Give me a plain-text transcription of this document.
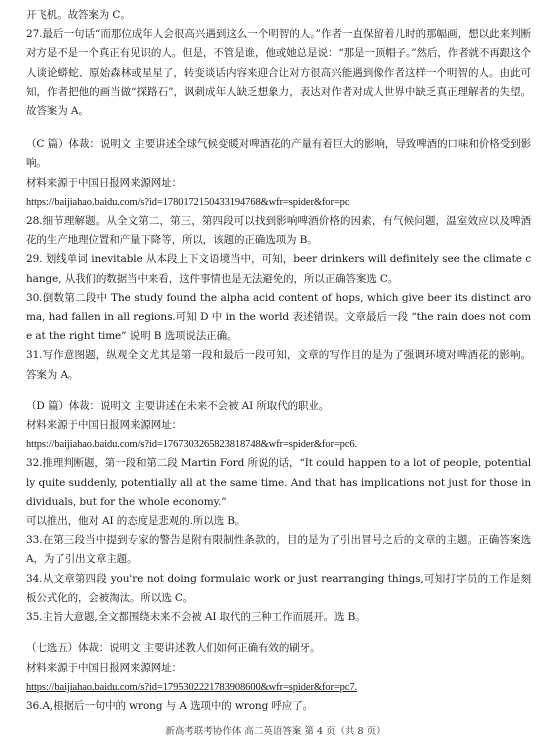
开飞机。故答案为 C。

27.最后一句话“而那位成年人会很高兴遇到这么一个明智的人。”作者一直保留着儿时的那幅画，想以此来判断对方是不是一个真正有见识的人。但是，不管是谁，他或她总是说：“那是一顶帽子。”然后，作者就不再跟这个人谈论蟒蛇、原始森林或星星了，转变谈话内容来迎合让对方很高兴能遇到像作者这样一个明智的人。由此可知，作者把他的画当做“探路石”，讽刺成年人缺乏想象力，表达对作者对成人世界中缺乏真正理解者的失望。故答案为 A。

（C 篇）体裁：说明文 主要讲述全球气候变暖对啤酒花的产量有着巨大的影响，导致啤酒的口味和价格受到影响。

材料来源于中国日报网来源网址：

https://baijiahao.baidu.com/s?id=1780172150433194768&wfr=spider&for=pc

28.细节理解题。从全文第二，第三，第四段可以找到影响啤酒价格的因素，有气候问题，温室效应以及啤酒花的生产地理位置和产量下降等，所以，该题的正确选项为 B。

29. 划线单词 inevitable 从本段上下文语境当中，可知，beer drinkers will definitely see the climate change, 从我们的数据当中来看，这件事情也是无法避免的，所以正确答案选 C。

30.倒数第二段中 The study found the alpha acid content of hops, which give beer its distinct aroma, had fallen in all regions.可知 D 中 in the world 表述错误。文章最后一段 “the rain does not come at the right time” 说明 B 选项说法正确。

31.写作意图题，纵观全文尤其是第一段和最后一段可知，文章的写作目的是为了强调环境对啤酒花的影响。答案为 A。

（D 篇）体裁：说明文 主要讲述在未来不会被 AI 所取代的职业。

材料来源于中国日报网来源网址：

https://baijiahao.baidu.com/s?id=1767303265823818748&wfr=spider&for=pc6.

32.推理判断题，第一段和第二段 Martin Ford 所说的话，“It could happen to a lot of people, potentially quite suddenly, potentially all at the same time. And that has implications not just for those individuals, but for the whole economy.”

可以推出，他对 AI 的态度是悲观的.所以选 B。

33.在第三段当中提到专家的警告是附有限制性条款的，目的是为了引出冒号之后的文章的主题。正确答案选 A，为了引出文章主题。

34.从文章第四段 you're not doing formulaic work or just rearranging things,可知打字员的工作是刻板公式化的，会被淘汰。所以选 C。

35.主旨大意题,全文都围绕未来不会被 AI 取代的三种工作而展开。选 B。

（七选五）体裁：说明文 主要讲述教人们如何正确有效的刷牙。

材料来源于中国日报网来源网址：

https://baijiahao.baidu.com/s?id=1795302221783908600&wfr=spider&for=pc7.

36.A,根据后一句中的 wrong 与 A 选项中的 wrong 呼应了。

新高考联考协作体 高二英语答案 第 4 页（共 8 页）
